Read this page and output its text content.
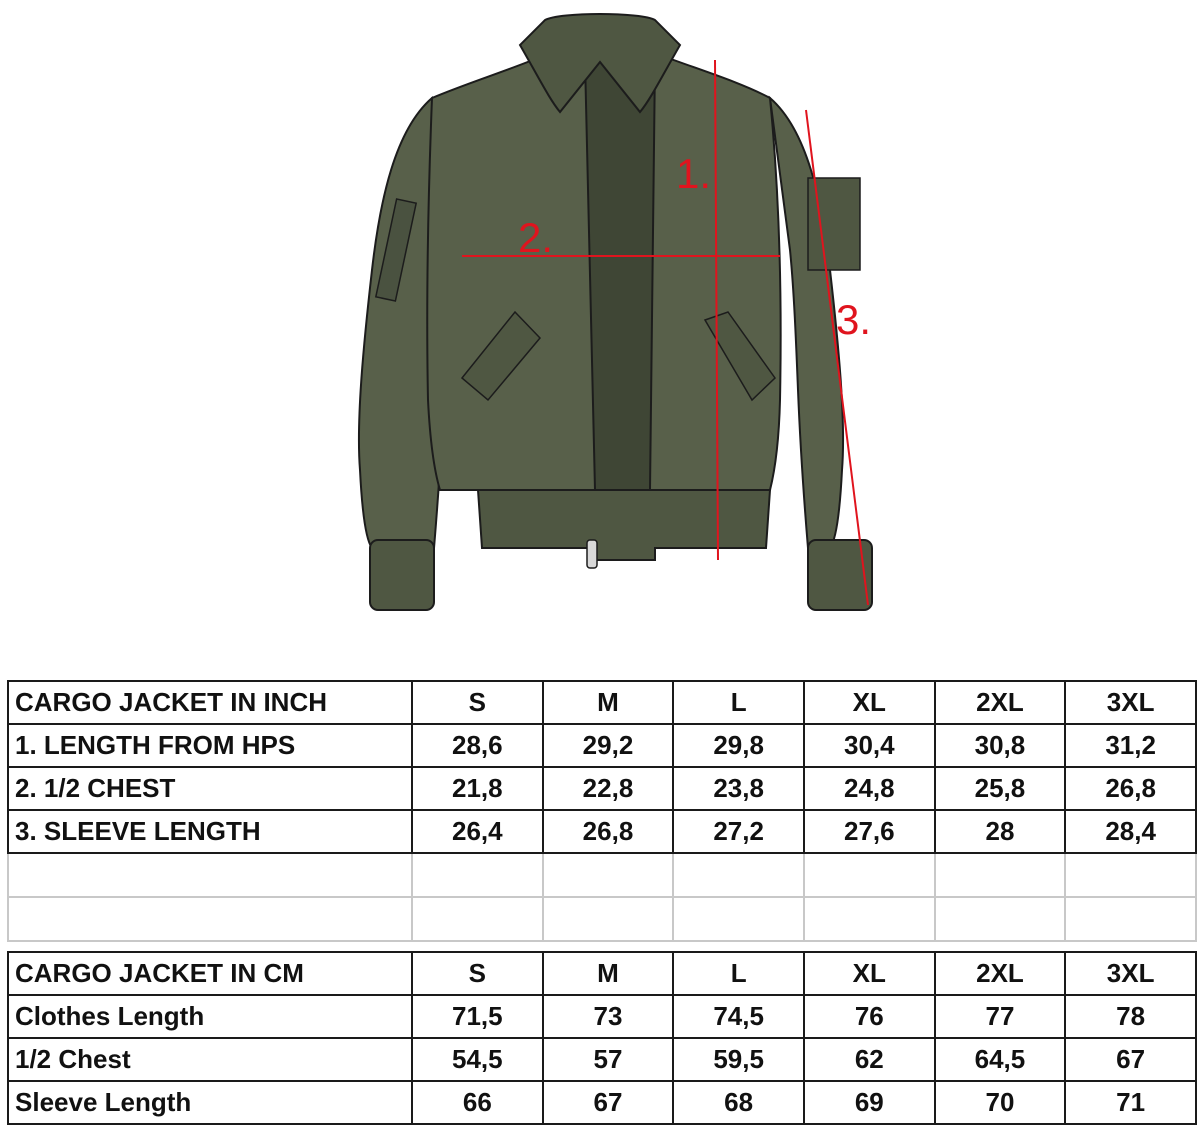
1.
2.
3.
CARGO JACKET IN INCH	S	M	L	XL	2XL	3XL
1. LENGTH FROM HPS	28,6	29,2	29,8	30,4	30,8	31,2
2. 1/2 CHEST	21,8	22,8	23,8	24,8	25,8	26,8
3. SLEEVE LENGTH	26,4	26,8	27,2	27,6	28	28,4

CARGO JACKET IN CM	S	M	L	XL	2XL	3XL
Clothes Length	71,5	73	74,5	76	77	78
1/2 Chest	54,5	57	59,5	62	64,5	67
Sleeve Length	66	67	68	69	70	71
